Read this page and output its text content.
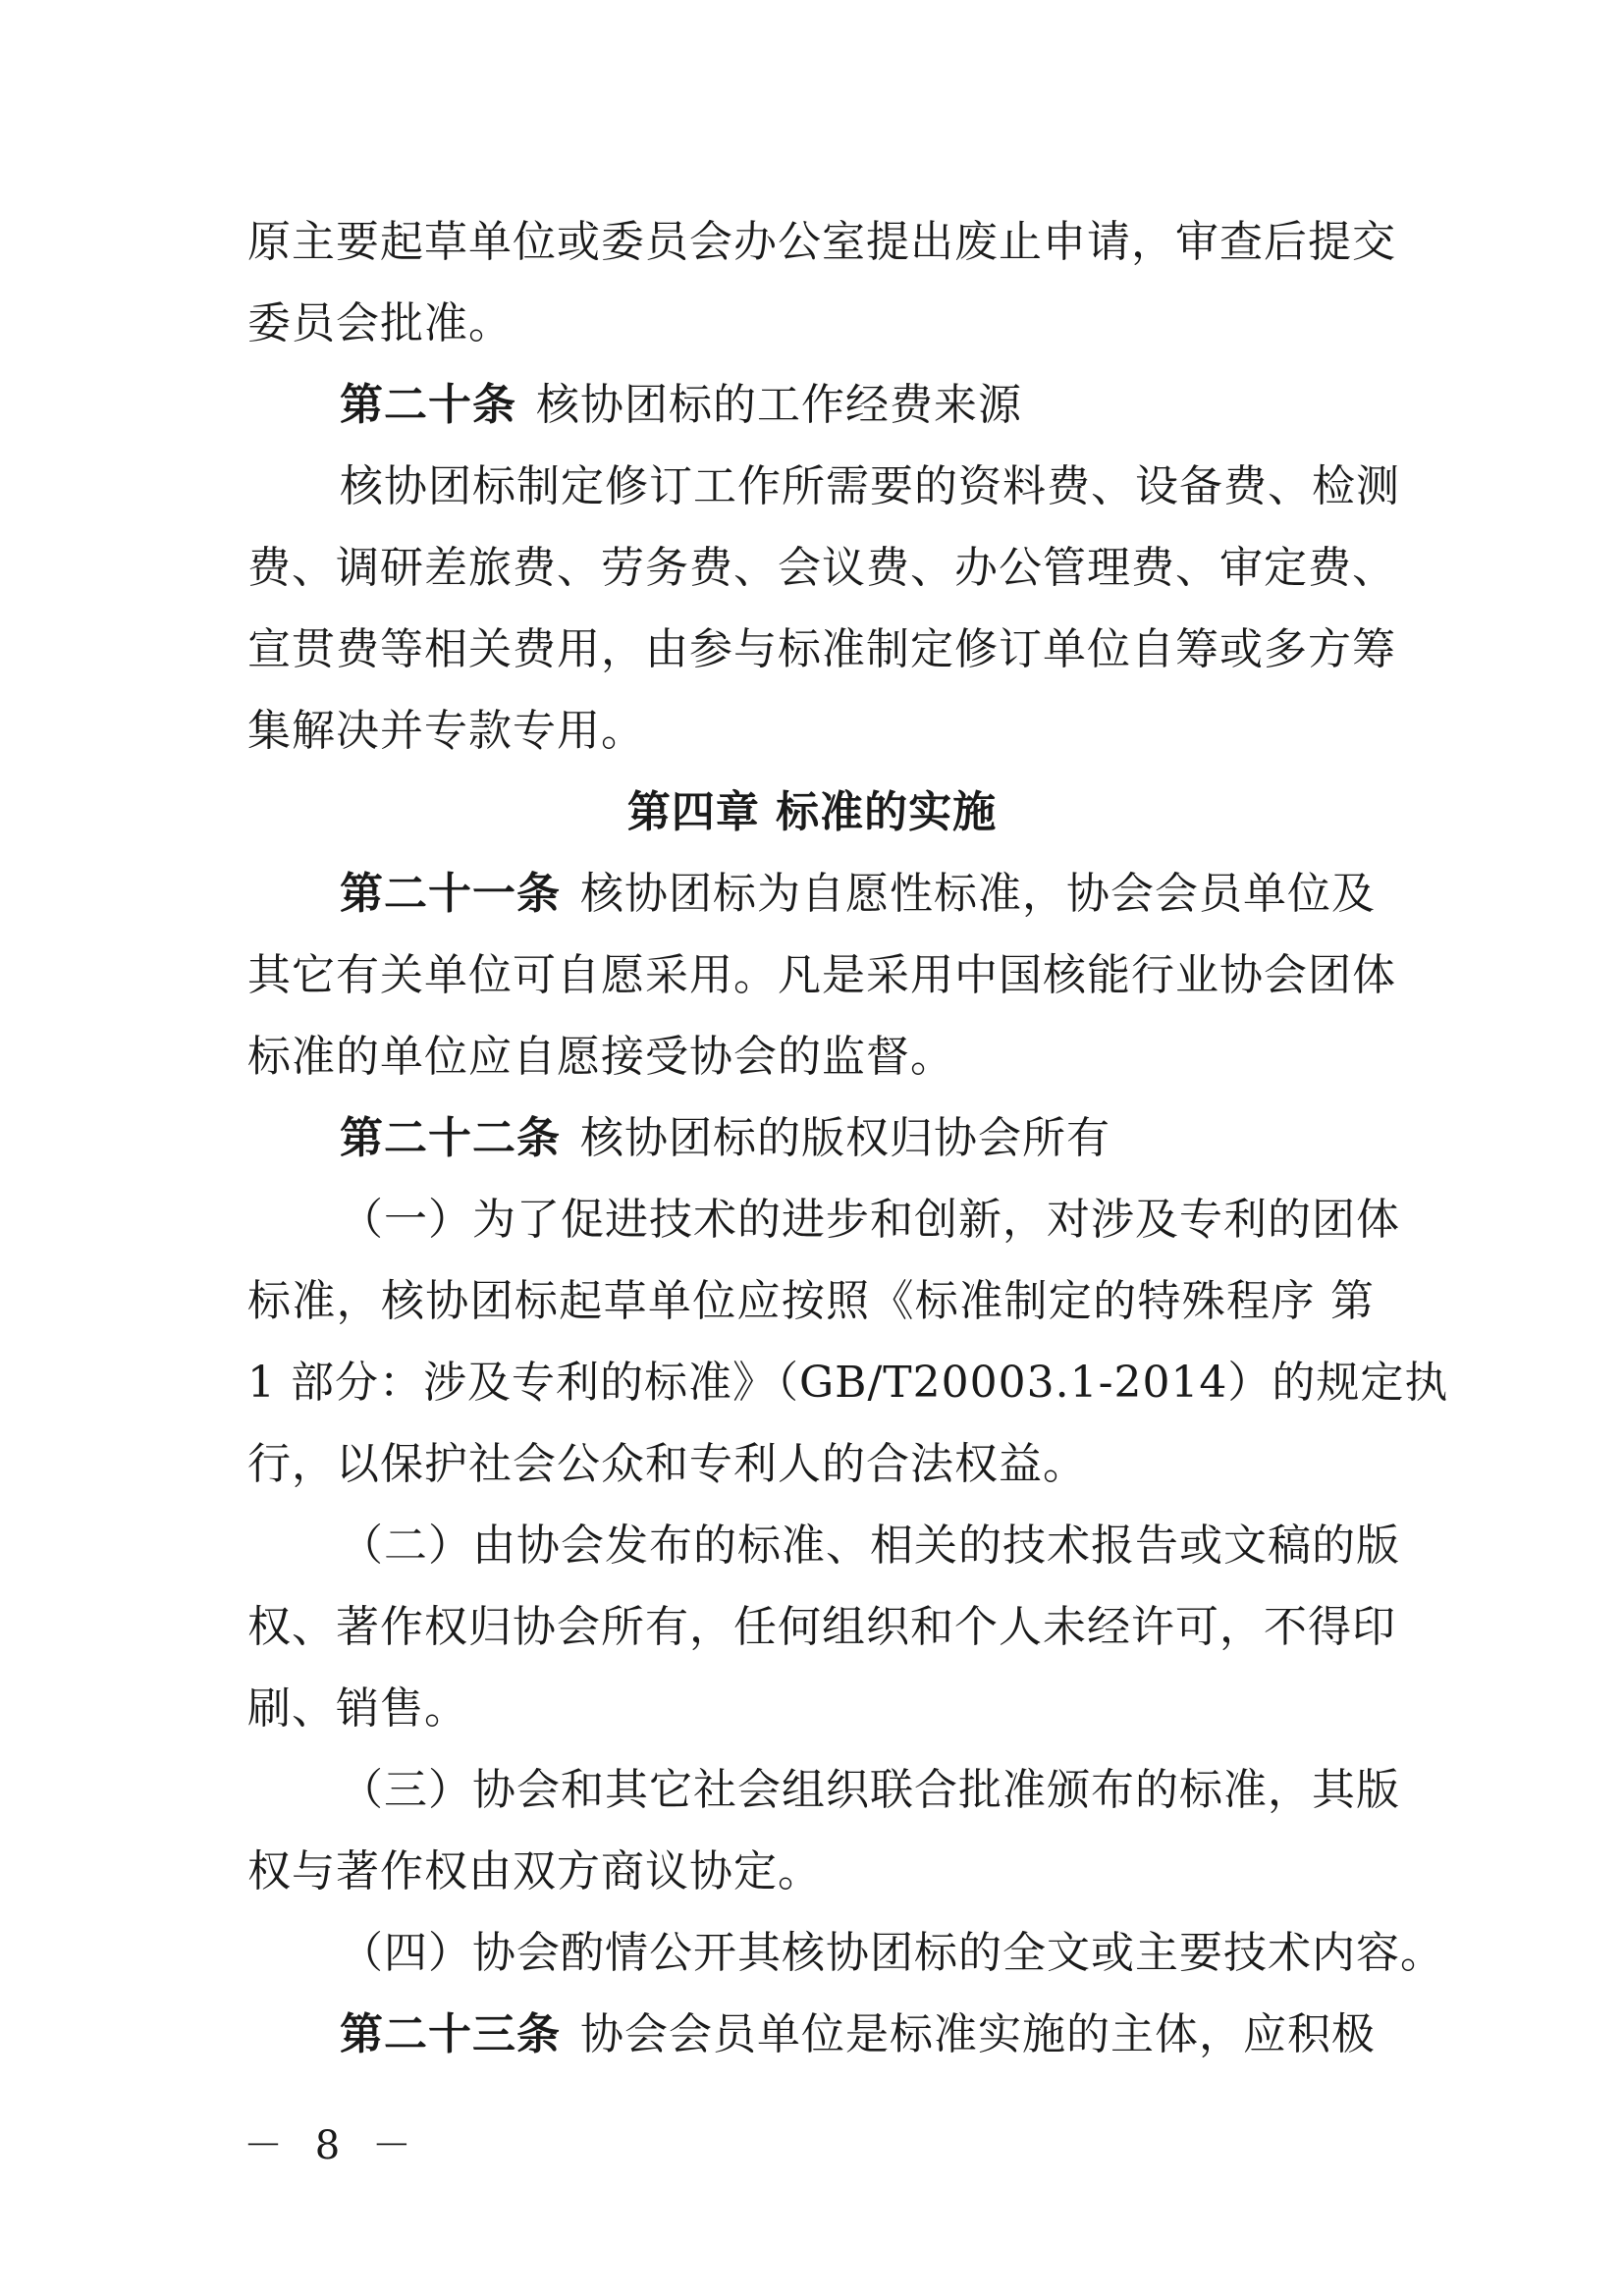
原主要起草单位或委员会办公室提出废止申请，审查后提交
委员会批准。
第二十条 核协团标的工作经费来源
核协团标制定修订工作所需要的资料费、设备费、检测
费、调研差旅费、劳务费、会议费、办公管理费、审定费、
宣贯费等相关费用，由参与标准制定修订单位自筹或多方筹
集解决并专款专用。
第四章 标准的实施
第二十一条 核协团标为自愿性标准，协会会员单位及
其它有关单位可自愿采用。凡是采用中国核能行业协会团体
标准的单位应自愿接受协会的监督。
第二十二条 核协团标的版权归协会所有
（一）为了促进技术的进步和创新，对涉及专利的团体
标准，核协团标起草单位应按照《标准制定的特殊程序 第
1 部分：涉及专利的标准》（GB/T20003.1-2014）的规定执
行，以保护社会公众和专利人的合法权益。
（二）由协会发布的标准、相关的技术报告或文稿的版
权、著作权归协会所有，任何组织和个人未经许可，不得印
刷、销售。
（三）协会和其它社会组织联合批准颁布的标准，其版
权与著作权由双方商议协定。
（四）协会酌情公开其核协团标的全文或主要技术内容。
第二十三条 协会会员单位是标准实施的主体，应积极
－ 8 －
